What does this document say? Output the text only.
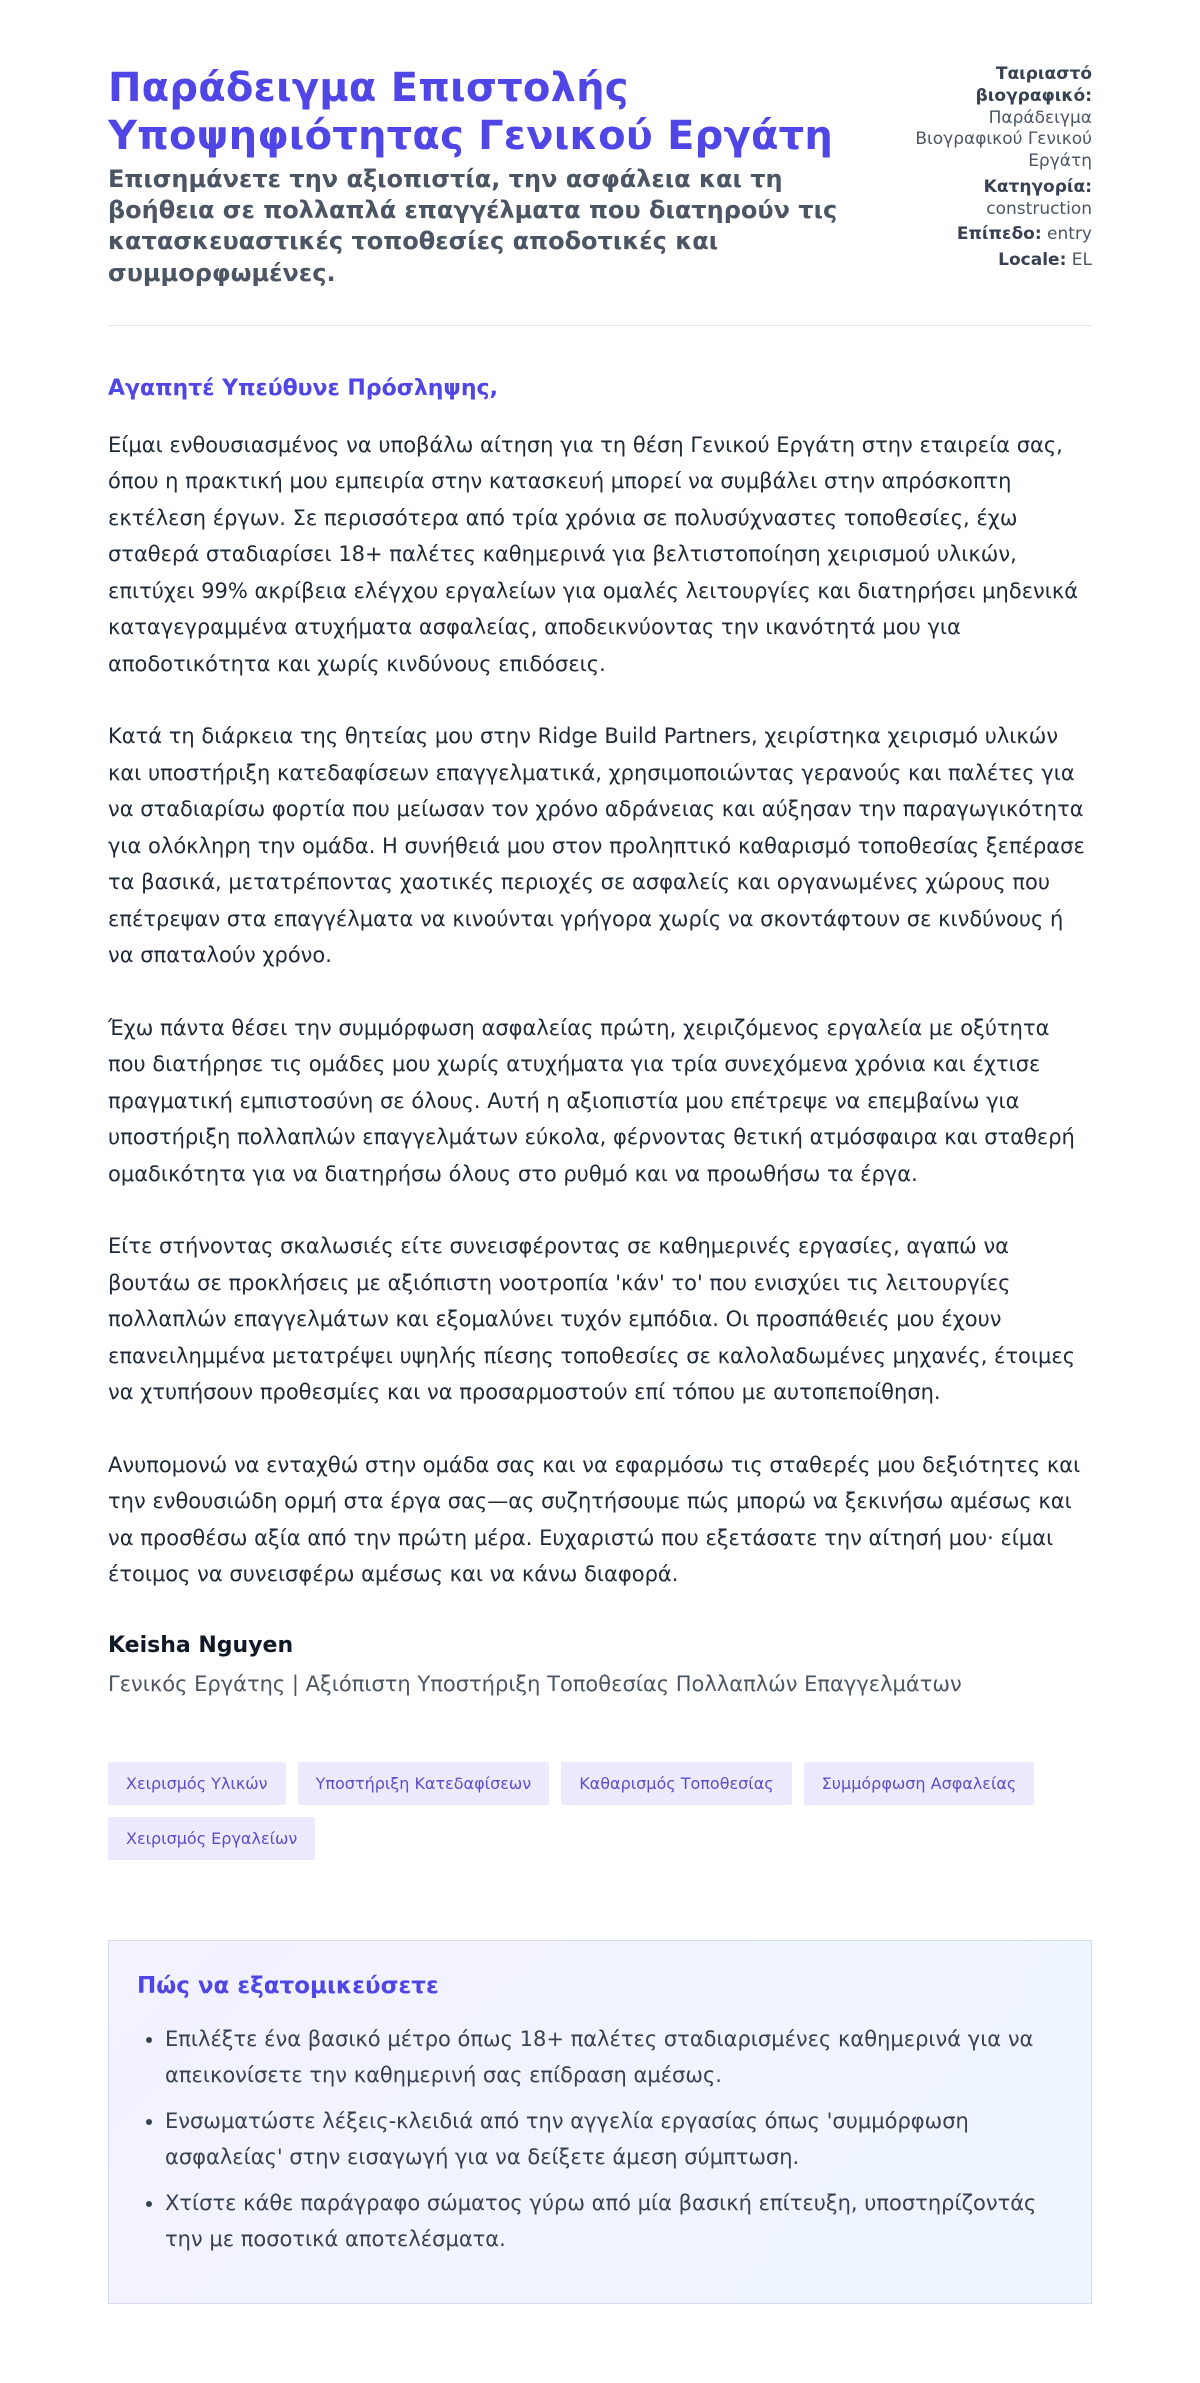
Παράδειγμα Επιστολής Υποψηφιότητας Γενικού Εργάτη
Επισημάνετε την αξιοπιστία, την ασφάλεια και τη βοήθεια σε πολλαπλά επαγγέλματα που διατηρούν τις κατασκευαστικές τοποθεσίες αποδοτικές και συμμορφωμένες.
Ταιριαστό βιογραφικό: Παράδειγμα Βιογραφικού Γενικού Εργάτη
Κατηγορία: construction
Επίπεδο: entry
Locale: EL
Αγαπητέ Υπεύθυνε Πρόσληψης,

Είμαι ενθουσιασμένος να υποβάλω αίτηση για τη θέση Γενικού Εργάτη στην εταιρεία σας, όπου η πρακτική μου εμπειρία στην κατασκευή μπορεί να συμβάλει στην απρόσκοπτη εκτέλεση έργων. Σε περισσότερα από τρία χρόνια σε πολυσύχναστες τοποθεσίες, έχω σταθερά σταδιαρίσει 18+ παλέτες καθημερινά για βελτιστοποίηση χειρισμού υλικών, επιτύχει 99% ακρίβεια ελέγχου εργαλείων για ομαλές λειτουργίες και διατηρήσει μηδενικά καταγεγραμμένα ατυχήματα ασφαλείας, αποδεικνύοντας την ικανότητά μου για αποδοτικότητα και χωρίς κινδύνους επιδόσεις.

Κατά τη διάρκεια της θητείας μου στην Ridge Build Partners, χειρίστηκα χειρισμό υλικών και υποστήριξη κατεδαφίσεων επαγγελματικά, χρησιμοποιώντας γερανούς και παλέτες για να σταδιαρίσω φορτία που μείωσαν τον χρόνο αδράνειας και αύξησαν την παραγωγικότητα για ολόκληρη την ομάδα. Η συνήθειά μου στον προληπτικό καθαρισμό τοποθεσίας ξεπέρασε τα βασικά, μετατρέποντας χαοτικές περιοχές σε ασφαλείς και οργανωμένες χώρους που επέτρεψαν στα επαγγέλματα να κινούνται γρήγορα χωρίς να σκοντάφτουν σε κινδύνους ή να σπαταλούν χρόνο.

Έχω πάντα θέσει την συμμόρφωση ασφαλείας πρώτη, χειριζόμενος εργαλεία με οξύτητα που διατήρησε τις ομάδες μου χωρίς ατυχήματα για τρία συνεχόμενα χρόνια και έχτισε πραγματική εμπιστοσύνη σε όλους. Αυτή η αξιοπιστία μου επέτρεψε να επεμβαίνω για υποστήριξη πολλαπλών επαγγελμάτων εύκολα, φέρνοντας θετική ατμόσφαιρα και σταθερή ομαδικότητα για να διατηρήσω όλους στο ρυθμό και να προωθήσω τα έργα.

Είτε στήνοντας σκαλωσιές είτε συνεισφέροντας σε καθημερινές εργασίες, αγαπώ να βουτάω σε προκλήσεις με αξιόπιστη νοοτροπία 'κάν' το' που ενισχύει τις λειτουργίες πολλαπλών επαγγελμάτων και εξομαλύνει τυχόν εμπόδια. Οι προσπάθειές μου έχουν επανειλημμένα μετατρέψει υψηλής πίεσης τοποθεσίες σε καλολαδωμένες μηχανές, έτοιμες να χτυπήσουν προθεσμίες και να προσαρμοστούν επί τόπου με αυτοπεποίθηση.

Ανυπομονώ να ενταχθώ στην ομάδα σας και να εφαρμόσω τις σταθερές μου δεξιότητες και την ενθουσιώδη ορμή στα έργα σας—ας συζητήσουμε πώς μπορώ να ξεκινήσω αμέσως και να προσθέσω αξία από την πρώτη μέρα. Ευχαριστώ που εξετάσατε την αίτησή μου· είμαι έτοιμος να συνεισφέρω αμέσως και να κάνω διαφορά.

Keisha Nguyen
Γενικός Εργάτης | Αξιόπιστη Υποστήριξη Τοποθεσίας Πολλαπλών Επαγγελμάτων
Χειρισμός Υλικών	Υποστήριξη Κατεδαφίσεων	Καθαρισμός Τοποθεσίας	Συμμόρφωση Ασφαλείας
Χειρισμός Εργαλείων
Πώς να εξατομικεύσετε
• Επιλέξτε ένα βασικό μέτρο όπως 18+ παλέτες σταδιαρισμένες καθημερινά για να απεικονίσετε την καθημερινή σας επίδραση αμέσως.
• Ενσωματώστε λέξεις-κλειδιά από την αγγελία εργασίας όπως 'συμμόρφωση ασφαλείας' στην εισαγωγή για να δείξετε άμεση σύμπτωση.
• Χτίστε κάθε παράγραφο σώματος γύρω από μία βασική επίτευξη, υποστηρίζοντάς την με ποσοτικά αποτελέσματα.
